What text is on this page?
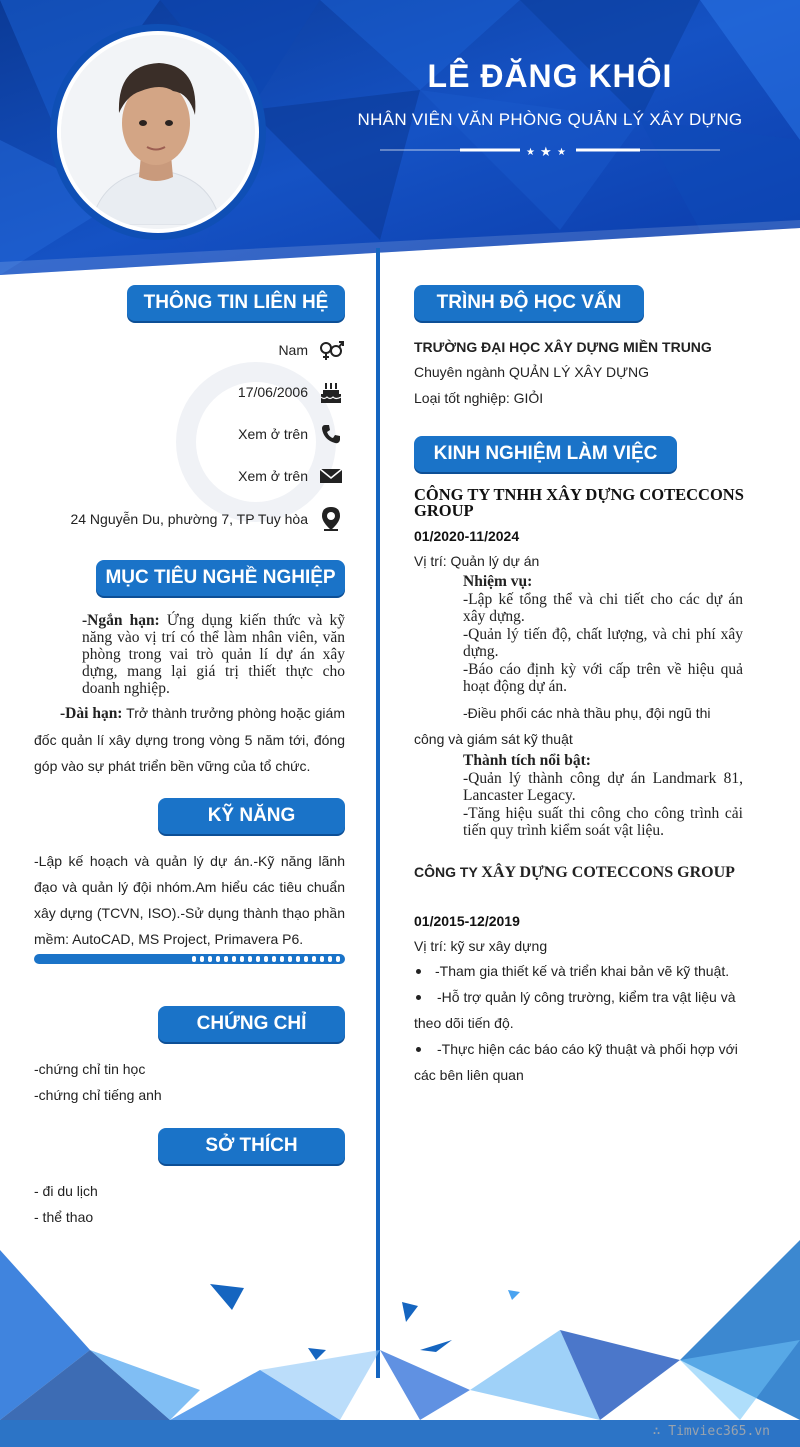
LÊ ĐĂNG KHÔI
NHÂN VIÊN VĂN PHÒNG QUẢN LÝ XÂY DỰNG
★ ★ ★
THÔNG TIN LIÊN HỆ
Nam
17/06/2006
Xem ở trên
Xem ở trên
24 Nguyễn Du, phường 7, TP Tuy hòa
MỤC TIÊU NGHỀ NGHIỆP
-Ngắn hạn: Ứng dụng kiến thức và kỹ năng vào vị trí có thể làm nhân viên, văn phòng trong vai trò quản lí dự án xây dựng, mang lại giá trị thiết thực cho doanh nghiệp.
-Dài hạn: Trở thành trưởng phòng hoặc giám đốc quản lí xây dựng trong vòng 5 năm tới, đóng góp vào sự phát triển bền vững của tổ chức.
KỸ NĂNG
-Lập kế hoạch và quản lý dự án.-Kỹ năng lãnh đạo và quản lý đội nhóm.Am hiểu các tiêu chuẩn xây dựng (TCVN, ISO).-Sử dụng thành thạo phần mềm: AutoCAD, MS Project, Primavera P6.
CHỨNG CHỈ
-chứng chỉ tin học
-chứng chỉ tiếng anh
SỞ THÍCH
- đi du lịch
- thể thao
TRÌNH ĐỘ HỌC VẤN
TRƯỜNG ĐẠI HỌC XÂY DỰNG MIỀN TRUNG
Chuyên ngành QUẢN LÝ XÂY DỰNG
Loại tốt nghiệp: GIỎI
KINH NGHIỆM LÀM VIỆC
CÔNG TY TNHH XÂY DỰNG COTECCONS GROUP
01/2020-11/2024
Vị trí: Quản lý dự án
Nhiệm vụ:
-Lập kế tổng thể và chi tiết cho các dự án xây dựng.
-Quản lý tiến độ, chất lượng, và chi phí xây dựng.
-Báo cáo định kỳ với cấp trên về hiệu quả hoạt động dự án.
-Điều phối các nhà thầu phụ, đội ngũ thi công và giám sát kỹ thuật
Thành tích nổi bật:
-Quản lý thành công dự án Landmark 81, Lancaster Legacy.
-Tăng hiệu suất thi công cho công trình cải tiến quy trình kiểm soát vật liệu.
CÔNG TY XÂY DỰNG COTECCONS GROUP
01/2015-12/2019
Vị trí: kỹ sư xây dựng
-Tham gia thiết kế và triển khai bản vẽ kỹ thuật.
-Hỗ trợ quản lý công trường, kiểm tra vật liệu và theo dõi tiến độ.
-Thực hiện các báo cáo kỹ thuật và phối hợp với các bên liên quan
∴ Timviec365.vn
